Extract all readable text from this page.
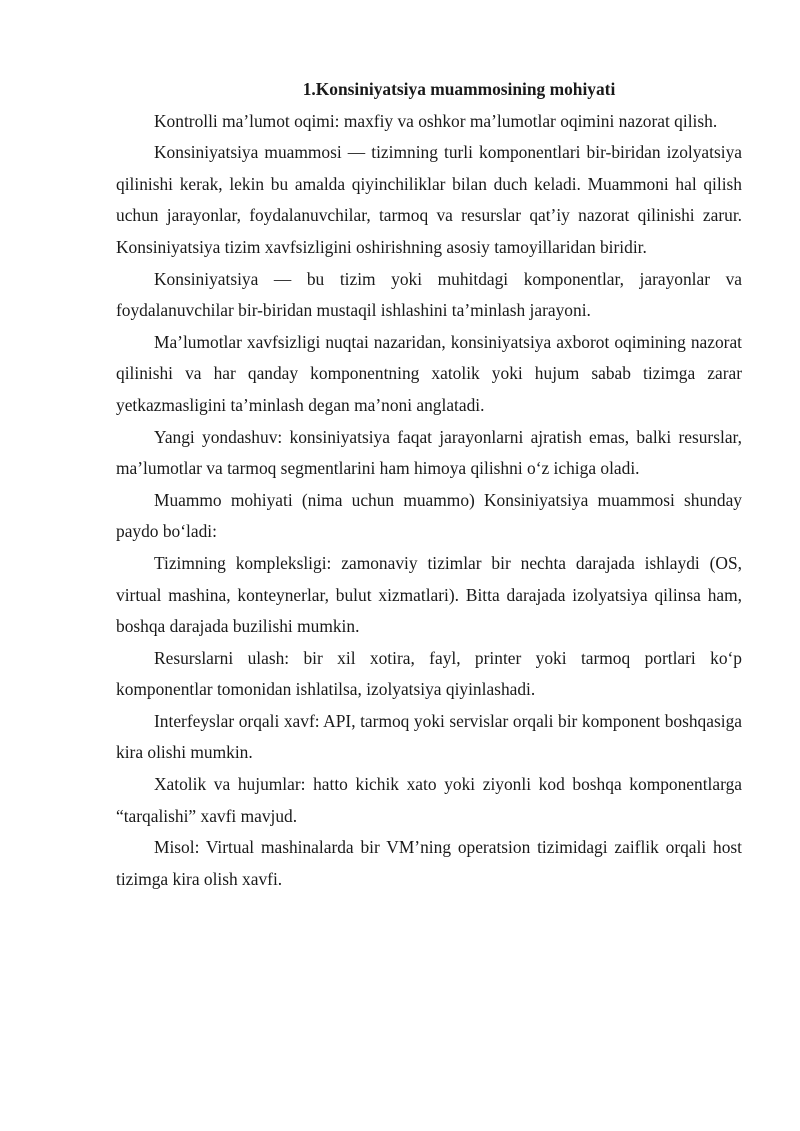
1.Konsiniyatsiya muammosining mohiyati

Kontrolli ma’lumot oqimi: maxfiy va oshkor ma’lumotlar oqimini nazorat qilish.

Konsiniyatsiya muammosi — tizimning turli komponentlari bir-biridan izolyatsiya qilinishi kerak, lekin bu amalda qiyinchiliklar bilan duch keladi. Muammoni hal qilish uchun jarayonlar, foydalanuvchilar, tarmoq va resurslar qat’iy nazorat qilinishi zarur. Konsiniyatsiya tizim xavfsizligini oshirishning asosiy tamoyillaridan biridir.

Konsiniyatsiya — bu tizim yoki muhitdagi komponentlar, jarayonlar va foydalanuvchilar bir-biridan mustaqil ishlashini ta’minlash jarayoni.

Ma’lumotlar xavfsizligi nuqtai nazaridan, konsiniyatsiya axborot oqimining nazorat qilinishi va har qanday komponentning xatolik yoki hujum sabab tizimga zarar yetkazmasligini ta’minlash degan ma’noni anglatadi.

Yangi yondashuv: konsiniyatsiya faqat jarayonlarni ajratish emas, balki resurslar, ma’lumotlar va tarmoq segmentlarini ham himoya qilishni o‘z ichiga oladi.

Muammo mohiyati (nima uchun muammo) Konsiniyatsiya muammosi shunday paydo bo‘ladi:

Tizimning kompleksligi: zamonaviy tizimlar bir nechta darajada ishlaydi (OS, virtual mashina, konteynerlar, bulut xizmatlari). Bitta darajada izolyatsiya qilinsa ham, boshqa darajada buzilishi mumkin.

Resurslarni ulash: bir xil xotira, fayl, printer yoki tarmoq portlari ko‘p komponentlar tomonidan ishlatilsa, izolyatsiya qiyinlashadi.

Interfeyslar orqali xavf: API, tarmoq yoki servislar orqali bir komponent boshqasiga kira olishi mumkin.

Xatolik va hujumlar: hatto kichik xato yoki ziyonli kod boshqa komponentlarga “tarqalishi” xavfi mavjud.

Misol: Virtual mashinalarda bir VM’ning operatsion tizimidagi zaiflik orqali host tizimga kira olish xavfi.
